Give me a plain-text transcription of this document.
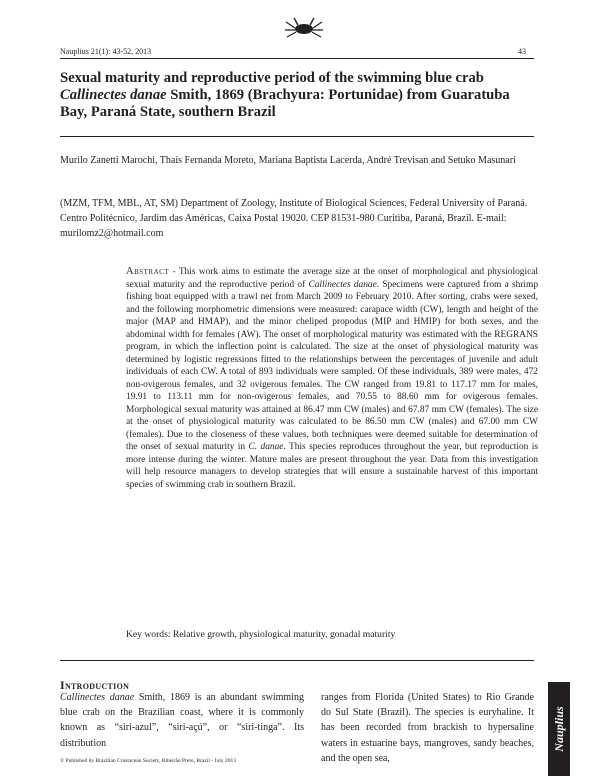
Nauplius 21(1): 43-52, 2013	43
Sexual maturity and reproductive period of the swimming blue crab Callinectes danae Smith, 1869 (Brachyura: Portunidae) from Guaratuba Bay, Paraná State, southern Brazil
Murilo Zanetti Marochi, Thaís Fernanda Moreto, Mariana Baptista Lacerda, André Trevisan and Setuko Masunari
(MZM, TFM, MBL, AT, SM) Department of Zoology, Institute of Biological Sciences, Federal University of Paraná. Centro Politécnico, Jardim das Américas, Caixa Postal 19020. CEP 81531-980 Curitiba, Paraná, Brazil. E-mail: murilomz2@hotmail.com
Abstract - This work aims to estimate the average size at the onset of morphological and physiological sexual maturity and the reproductive period of Callinectes danae. Specimens were captured from a shrimp fishing boat equipped with a trawl net from March 2009 to February 2010. After sorting, crabs were sexed, and the following morphometric dimensions were measured: carapace width (CW), length and height of the major (MAP and HMAP), and the minor cheliped propodus (MIP and HMIP) for both sexes, and the abdominal width for females (AW). The onset of morphological maturity was estimated with the REGRANS program, in which the inflection point is calculated. The size at the onset of physiological maturity was determined by logistic regressions fitted to the relationships between the percentages of juvenile and adult individuals of each CW. A total of 893 individuals were sampled. Of these individuals, 389 were males, 472 non-ovigerous females, and 32 ovigerous females. The CW ranged from 19.81 to 117.17 mm for males, 19.91 to 113.11 mm for non-ovigerous females, and 70.55 to 88.60 mm for ovigerous females. Morphological sexual maturity was attained at 86.47 mm CW (males) and 67.87 mm CW (females). The size at the onset of physiological maturity was calculated to be 86.50 mm CW (males) and 67.00 mm CW (females). Due to the closeness of these values, both techniques were deemed suitable for determination of the onset of sexual maturity in C. danae. This species reproduces throughout the year, but reproduction is more intense during the winter. Mature males are present throughout the year. Data from this investigation will help resource managers to develop strategies that will ensure a sustainable harvest of this important species of swimming crab in southern Brazil.
Key words: Relative growth, physiological maturity, gonadal maturity
Introduction
Callinectes danae Smith, 1869 is an abundant swimming blue crab on the Brazilian coast, where it is commonly known as “siri-azul”, “siri-açú”, or “siri-tinga”. Its distribution
ranges from Florida (United States) to Rio Grande do Sul State (Brazil). The species is euryhaline. It has been recorded from brackish to hypersaline waters in estuarine bays, mangroves, sandy beaches, and the open sea,
© Published by Brazilian Crustacean Society, Ribeirão Preto, Brazil - July 2013
Nauplius
